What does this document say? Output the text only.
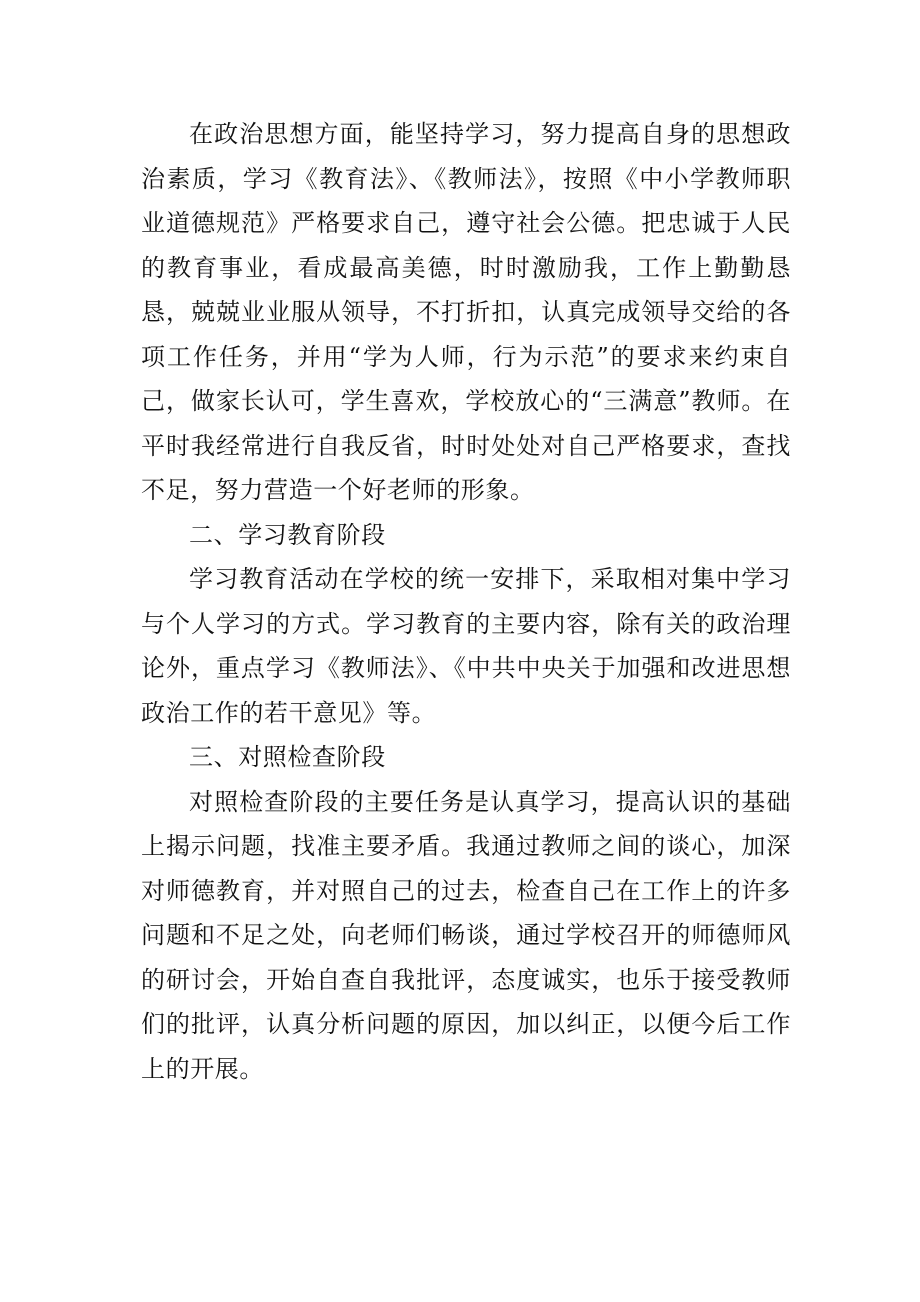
在政治思想方面，能坚持学习，努力提高自身的思想政治素质，学习《教育法》、《教师法》，按照《中小学教师职业道德规范》严格要求自己，遵守社会公德。把忠诚于人民的教育事业，看成最高美德，时时激励我，工作上勤勤恳恳，兢兢业业服从领导，不打折扣，认真完成领导交给的各项工作任务，并用“学为人师，行为示范”的要求来约束自己，做家长认可，学生喜欢，学校放心的“三满意”教师。在平时我经常进行自我反省，时时处处对自己严格要求，查找不足，努力营造一个好老师的形象。

二、学习教育阶段

学习教育活动在学校的统一安排下，采取相对集中学习与个人学习的方式。学习教育的主要内容，除有关的政治理论外，重点学习《教师法》、《中共中央关于加强和改进思想政治工作的若干意见》等。

三、对照检查阶段

对照检查阶段的主要任务是认真学习，提高认识的基础上揭示问题，找准主要矛盾。我通过教师之间的谈心，加深对师德教育，并对照自己的过去，检查自己在工作上的许多问题和不足之处，向老师们畅谈，通过学校召开的师德师风的研讨会，开始自查自我批评，态度诚实，也乐于接受教师们的批评，认真分析问题的原因，加以纠正，以便今后工作上的开展。
